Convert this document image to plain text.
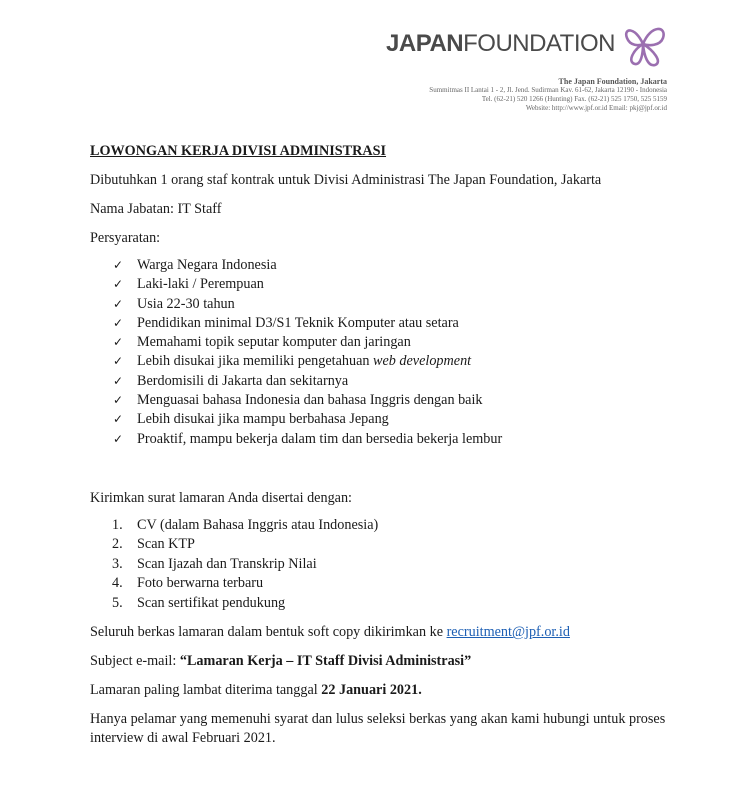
JAPANFOUNDATION
The Japan Foundation, Jakarta
Summitmas II Lantai 1 - 2, Jl. Jend. Sudirman Kav. 61-62, Jakarta 12190 - Indonesia
Tel. (62-21) 520 1266 (Hunting) Fax. (62-21) 525 1750, 525 5159
Website: http://www.jpf.or.id Email: pkj@jpf.or.id

LOWONGAN KERJA DIVISI ADMINISTRASI

Dibutuhkan 1 orang staf kontrak untuk Divisi Administrasi The Japan Foundation, Jakarta

Nama Jabatan: IT Staff

Persyaratan:

✓ Warga Negara Indonesia
✓ Laki-laki / Perempuan
✓ Usia 22-30 tahun
✓ Pendidikan minimal D3/S1 Teknik Komputer atau setara
✓ Memahami topik seputar komputer dan jaringan
✓ Lebih disukai jika memiliki pengetahuan web development
✓ Berdomisili di Jakarta dan sekitarnya
✓ Menguasai bahasa Indonesia dan bahasa Inggris dengan baik
✓ Lebih disukai jika mampu berbahasa Jepang
✓ Proaktif, mampu bekerja dalam tim dan bersedia bekerja lembur

Kirimkan surat lamaran Anda disertai dengan:

1. CV (dalam Bahasa Inggris atau Indonesia)
2. Scan KTP
3. Scan Ijazah dan Transkrip Nilai
4. Foto berwarna terbaru
5. Scan sertifikat pendukung

Seluruh berkas lamaran dalam bentuk soft copy dikirimkan ke recruitment@jpf.or.id

Subject e-mail: “Lamaran Kerja – IT Staff Divisi Administrasi”

Lamaran paling lambat diterima tanggal 22 Januari 2021.

Hanya pelamar yang memenuhi syarat dan lulus seleksi berkas yang akan kami hubungi untuk proses interview di awal Februari 2021.
